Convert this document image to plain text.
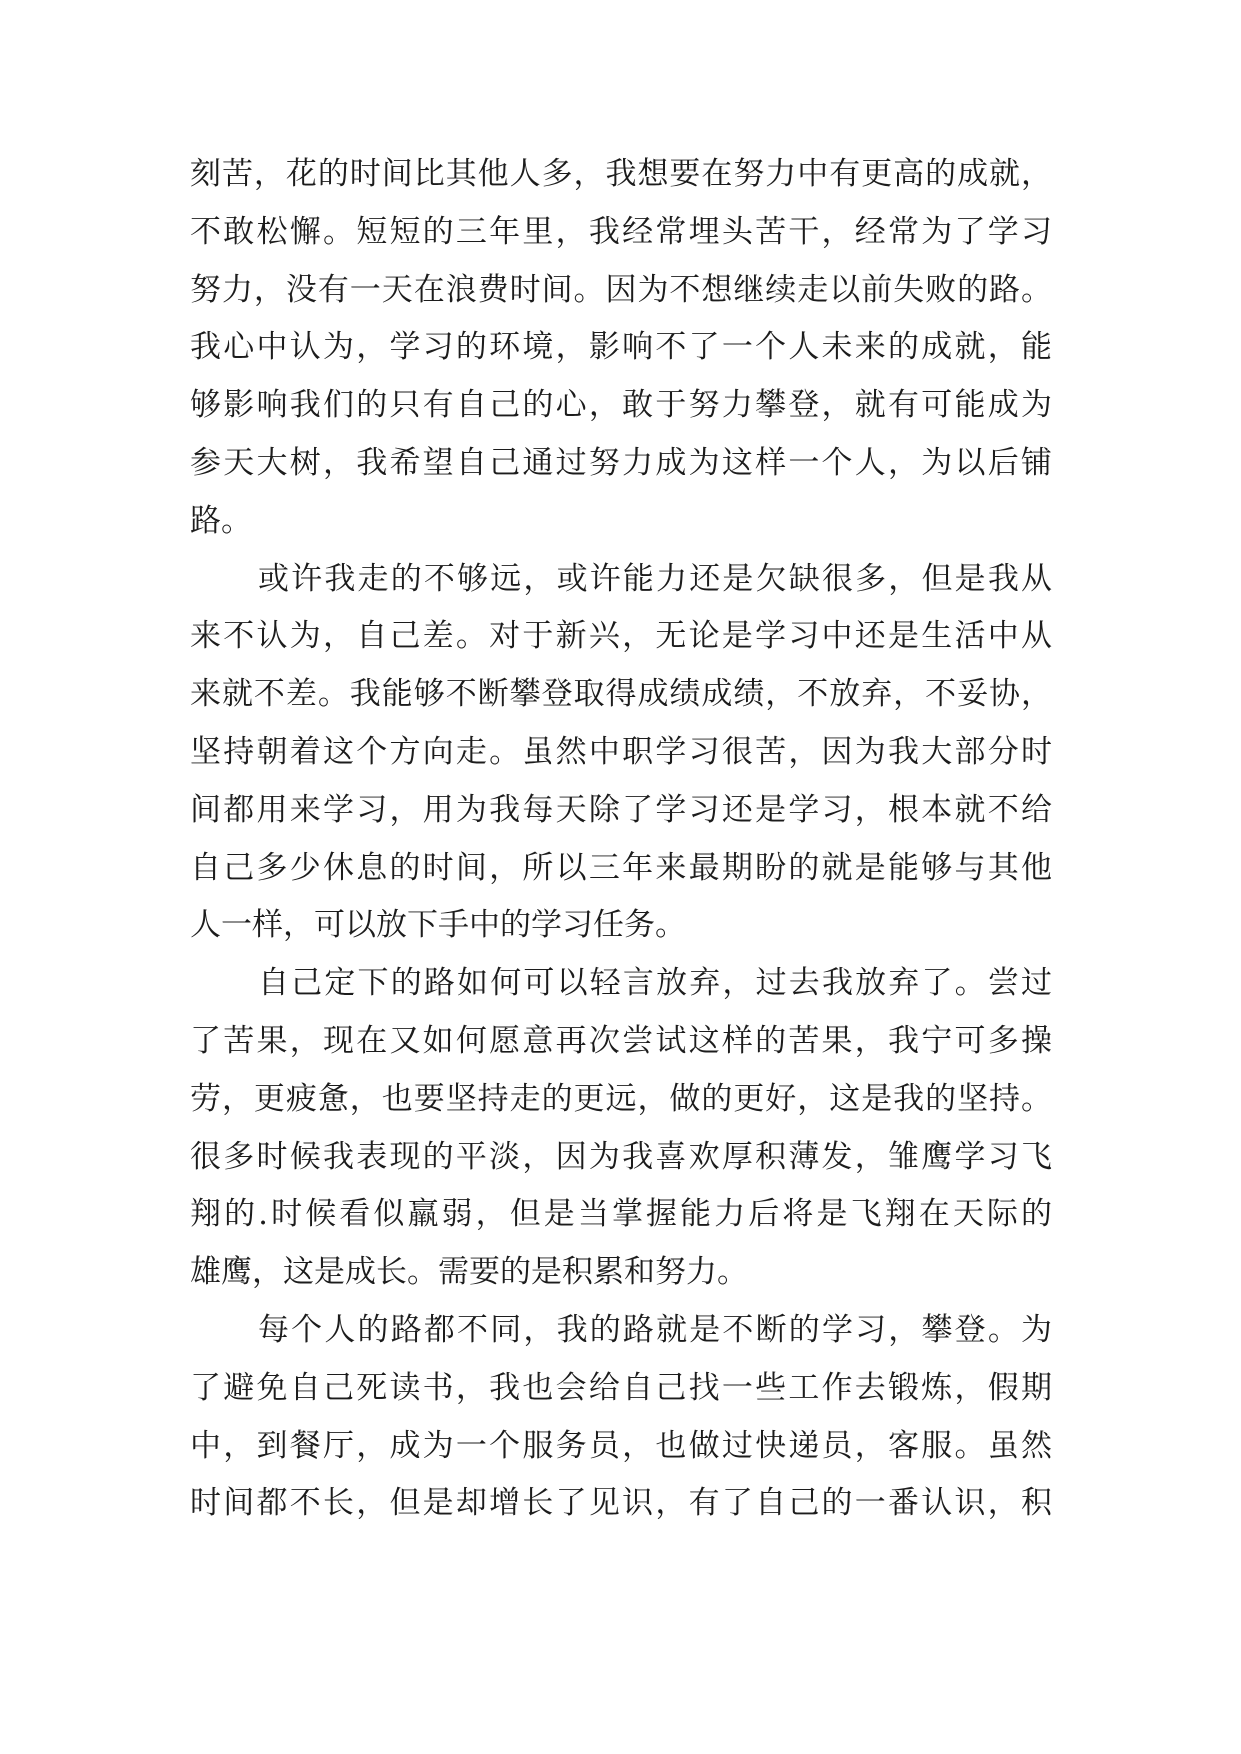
刻苦，花的时间比其他人多，我想要在努力中有更高的成就，
不敢松懈。短短的三年里，我经常埋头苦干，经常为了学习
努力，没有一天在浪费时间。因为不想继续走以前失败的路。
我心中认为，学习的环境，影响不了一个人未来的成就，能
够影响我们的只有自己的心，敢于努力攀登，就有可能成为
参天大树，我希望自己通过努力成为这样一个人，为以后铺
路。
或许我走的不够远，或许能力还是欠缺很多，但是我从
来不认为，自己差。对于新兴，无论是学习中还是生活中从
来就不差。我能够不断攀登取得成绩成绩，不放弃，不妥协，
坚持朝着这个方向走。虽然中职学习很苦，因为我大部分时
间都用来学习，用为我每天除了学习还是学习，根本就不给
自己多少休息的时间，所以三年来最期盼的就是能够与其他
人一样，可以放下手中的学习任务。
自己定下的路如何可以轻言放弃，过去我放弃了。尝过
了苦果，现在又如何愿意再次尝试这样的苦果，我宁可多操
劳，更疲惫，也要坚持走的更远，做的更好，这是我的坚持。
很多时候我表现的平淡，因为我喜欢厚积薄发，雏鹰学习飞
翔的.时候看似羸弱，但是当掌握能力后将是飞翔在天际的
雄鹰，这是成长。需要的是积累和努力。
每个人的路都不同，我的路就是不断的学习，攀登。为
了避免自己死读书，我也会给自己找一些工作去锻炼，假期
中，到餐厅，成为一个服务员，也做过快递员，客服。虽然
时间都不长，但是却增长了见识，有了自己的一番认识，积
